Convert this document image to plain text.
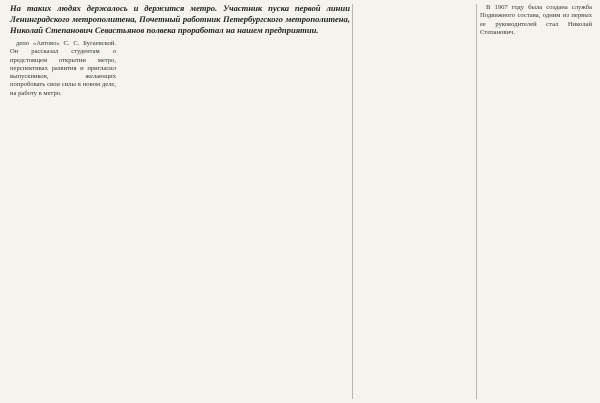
На таких людях держалось и держится метро. Участник пуска первой линии Ленинградского метрополитена, Почетный работник Петербургского метрополитена, Николай Степанович Севастьянов полвека проработал на нашем предприятии.

депо «Автово» С. С. Бугаевской. Он рассказал студентам о предстоящем открытии метро, перспективах развития и пригласил выпускников, желающих попробовать свои силы в новом деле, на работу в метро.

В 1967 году была создана служба Подвижного состава, одним из первых ее руководителей стал Николай Степанович.
